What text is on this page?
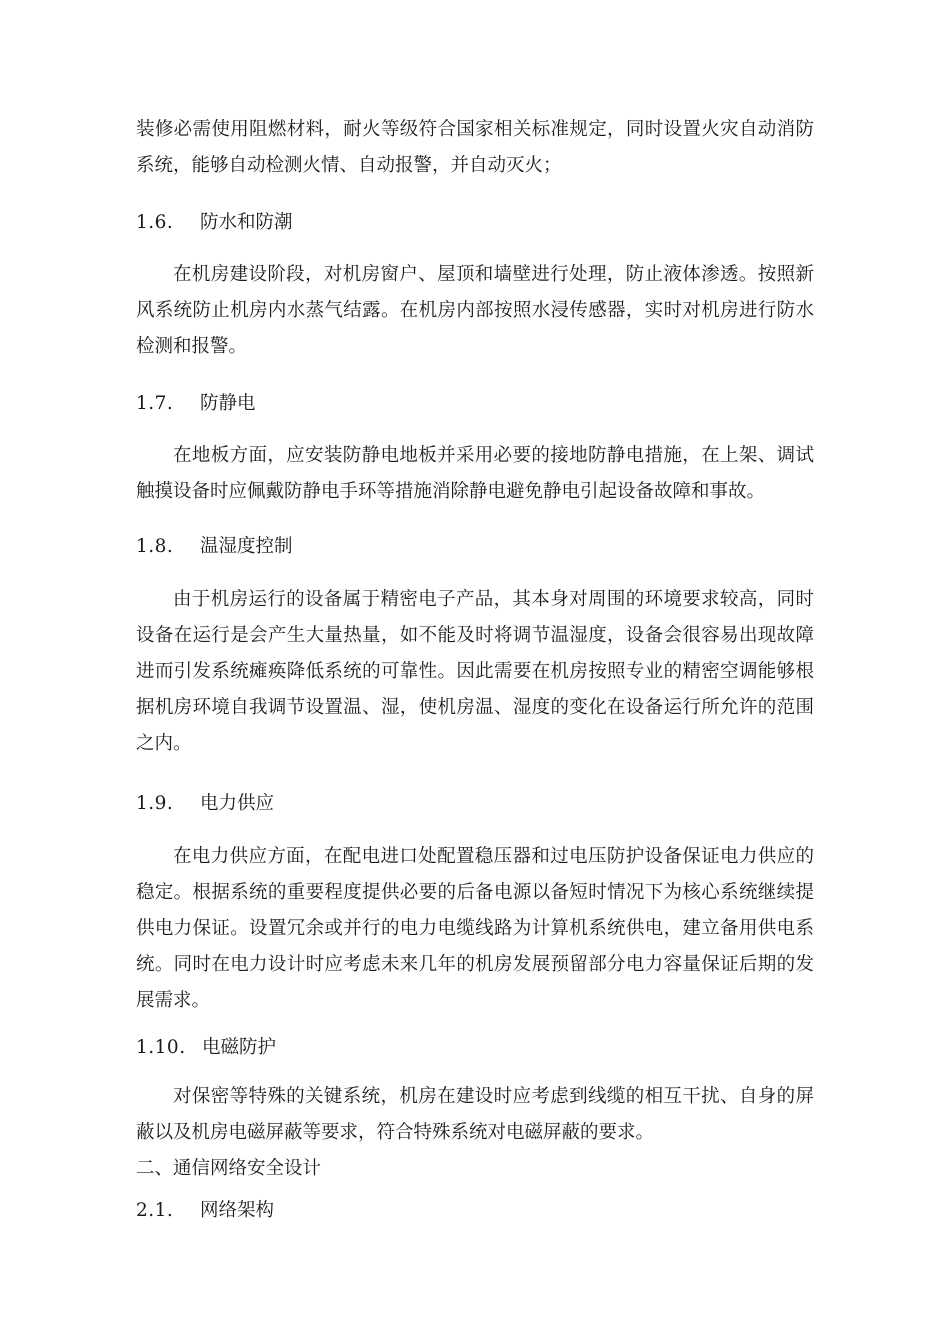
装修必需使用阻燃材料，耐火等级符合国家相关标准规定，同时设置火灾自动消防系统，能够自动检测火情、自动报警，并自动灭火；

1.6.	防水和防潮

在机房建设阶段，对机房窗户、屋顶和墙壁进行处理，防止液体渗透。按照新风系统防止机房内水蒸气结露。在机房内部按照水浸传感器，实时对机房进行防水检测和报警。

1.7.	防静电

在地板方面，应安装防静电地板并采用必要的接地防静电措施，在上架、调试触摸设备时应佩戴防静电手环等措施消除静电避免静电引起设备故障和事故。

1.8.	温湿度控制

由于机房运行的设备属于精密电子产品，其本身对周围的环境要求较高，同时设备在运行是会产生大量热量，如不能及时将调节温湿度，设备会很容易出现故障进而引发系统瘫痪降低系统的可靠性。因此需要在机房按照专业的精密空调能够根据机房环境自我调节设置温、湿，使机房温、湿度的变化在设备运行所允许的范围之内。

1.9.	电力供应

在电力供应方面，在配电进口处配置稳压器和过电压防护设备保证电力供应的稳定。根据系统的重要程度提供必要的后备电源以备短时情况下为核心系统继续提供电力保证。设置冗余或并行的电力电缆线路为计算机系统供电，建立备用供电系统。同时在电力设计时应考虑未来几年的机房发展预留部分电力容量保证后期的发展需求。

1.10. 电磁防护

对保密等特殊的关键系统，机房在建设时应考虑到线缆的相互干扰、自身的屏蔽以及机房电磁屏蔽等要求，符合特殊系统对电磁屏蔽的要求。

二、通信网络安全设计
2.1.	网络架构
